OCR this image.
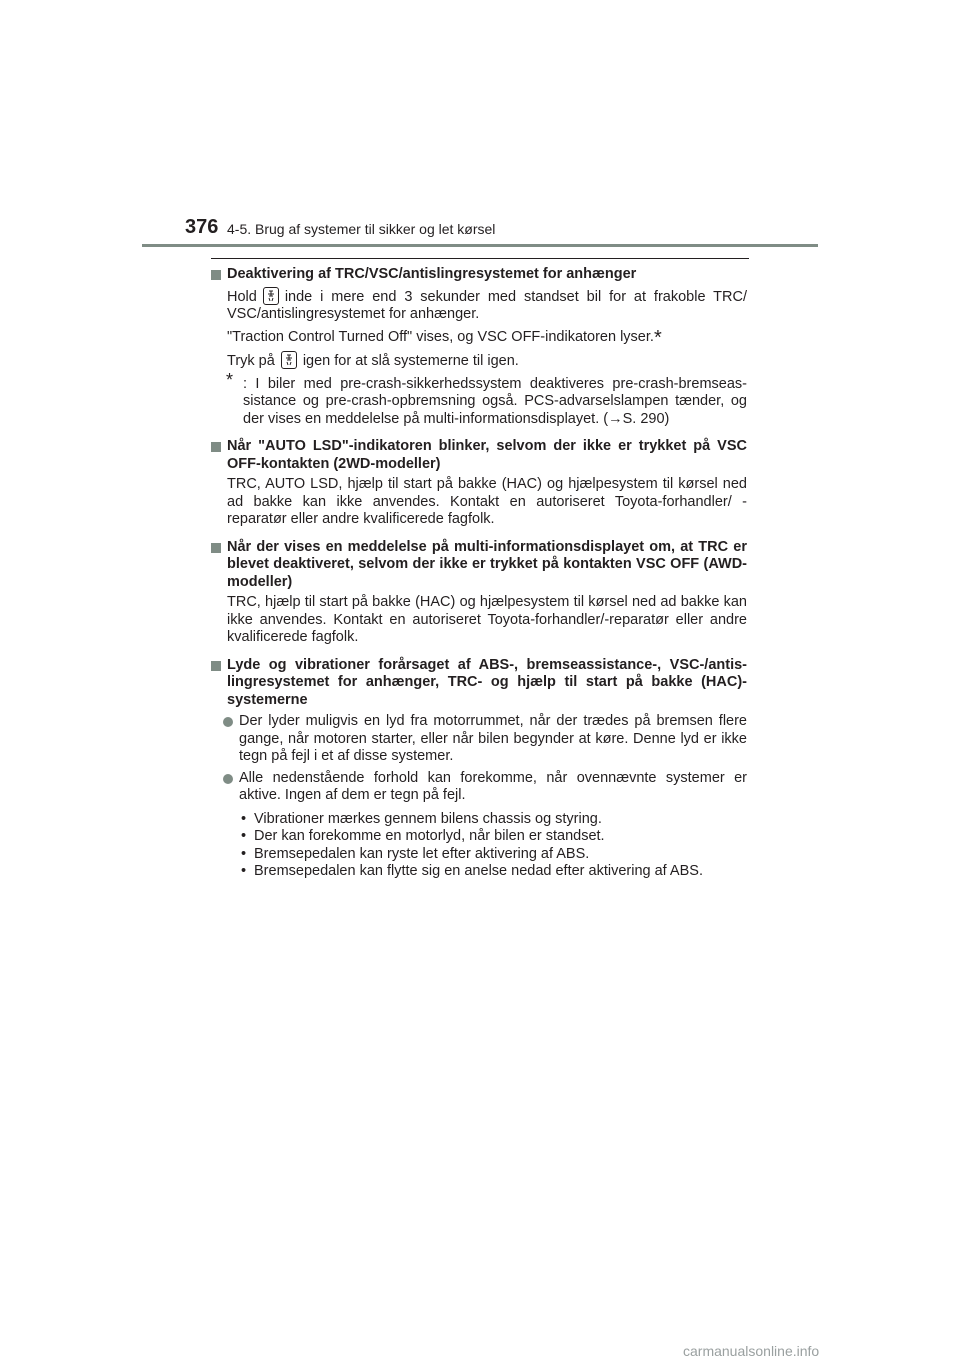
376 4-5. Brug af systemer til sikker og let kørsel
Deaktivering af TRC/VSC/antislingresystemet for anhænger
Hold inde i mere end 3 sekunder med standset bil for at frakoble TRC/ VSC/antislingresystemet for anhænger.
"Traction Control Turned Off" vises, og VSC OFF-indikatoren lyser.*
Tryk på igen for at slå systemerne til igen.
* : I biler med pre-crash-sikkerhedssystem deaktiveres pre-crash-bremseas- sistance og pre-crash-opbremsning også. PCS-advarselslampen tænder, og der vises en meddelelse på multi-informationsdisplayet. (→S. 290)
Når "AUTO LSD"-indikatoren blinker, selvom der ikke er trykket på VSC OFF-kontakten (2WD-modeller)
TRC, AUTO LSD, hjælp til start på bakke (HAC) og hjælpesystem til kørsel ned ad bakke kan ikke anvendes. Kontakt en autoriseret Toyota-forhandler/ -reparatør eller andre kvalificerede fagfolk.
Når der vises en meddelelse på multi-informationsdisplayet om, at TRC er blevet deaktiveret, selvom der ikke er trykket på kontakten VSC OFF (AWD-modeller)
TRC, hjælp til start på bakke (HAC) og hjælpesystem til kørsel ned ad bakke kan ikke anvendes. Kontakt en autoriseret Toyota-forhandler/-reparatør eller andre kvalificerede fagfolk.
Lyde og vibrationer forårsaget af ABS-, bremseassistance-, VSC-/antis- lingresystemet for anhænger, TRC- og hjælp til start på bakke (HAC)- systemerne
Der lyder muligvis en lyd fra motorrummet, når der trædes på bremsen flere gange, når motoren starter, eller når bilen begynder at køre. Denne lyd er ikke tegn på fejl i et af disse systemer.
Alle nedenstående forhold kan forekomme, når ovennævnte systemer er aktive. Ingen af dem er tegn på fejl.
• Vibrationer mærkes gennem bilens chassis og styring.
• Der kan forekomme en motorlyd, når bilen er standset.
• Bremsepedalen kan ryste let efter aktivering af ABS.
• Bremsepedalen kan flytte sig en anelse nedad efter aktivering af ABS.
carmanualsonline.info
